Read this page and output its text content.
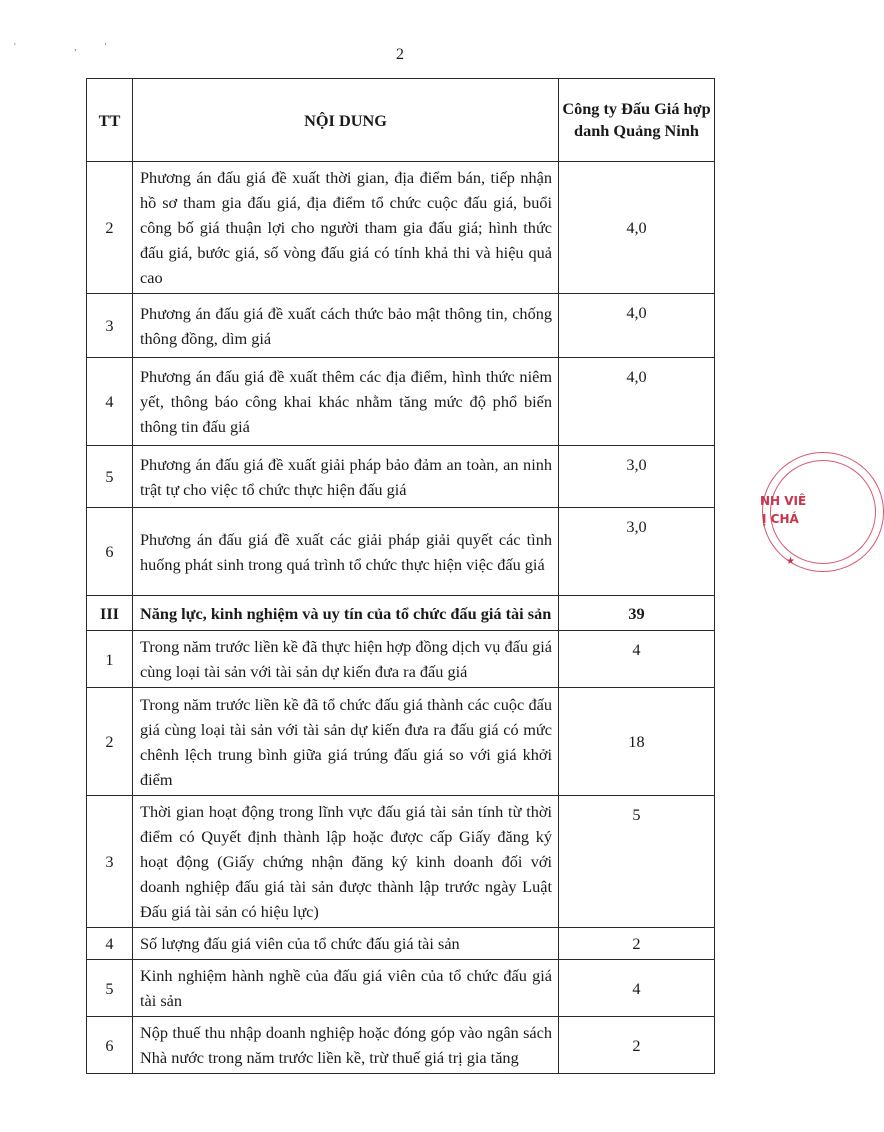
' ,'	2
TT	NỘI DUNG	Công ty Đấu Giá hợp danh Quảng Ninh
2	Phương án đấu giá đề xuất thời gian, địa điểm bán, tiếp nhận hồ sơ tham gia đấu giá, địa điểm tổ chức cuộc đấu giá, buổi công bố giá thuận lợi cho người tham gia đấu giá; hình thức đấu giá, bước giá, số vòng đấu giá có tính khả thi và hiệu quả cao	4,0
3	Phương án đấu giá đề xuất cách thức bảo mật thông tin, chống thông đồng, dìm giá	4,0
4	Phương án đấu giá đề xuất thêm các địa điểm, hình thức niêm yết, thông báo công khai khác nhằm tăng mức độ phổ biến thông tin đấu giá	4,0
5	Phương án đấu giá đề xuất giải pháp bảo đảm an toàn, an ninh trật tự cho việc tổ chức thực hiện đấu giá	3,0
6	Phương án đấu giá đề xuất các giải pháp giải quyết các tình huống phát sinh trong quá trình tổ chức thực hiện việc đấu giá	3,0
III	Năng lực, kinh nghiệm và uy tín của tổ chức đấu giá tài sản	39
1	Trong năm trước liền kề đã thực hiện hợp đồng dịch vụ đấu giá cùng loại tài sản với tài sản dự kiến đưa ra đấu giá	4
2	Trong năm trước liền kề đã tổ chức đấu giá thành các cuộc đấu giá cùng loại tài sản với tài sản dự kiến đưa ra đấu giá có mức chênh lệch trung bình giữa giá trúng đấu giá so với giá khởi điểm	18
3	Thời gian hoạt động trong lĩnh vực đấu giá tài sản tính từ thời điểm có Quyết định thành lập hoặc được cấp Giấy đăng ký hoạt động (Giấy chứng nhận đăng ký kinh doanh đối với doanh nghiệp đấu giá tài sản được thành lập trước ngày Luật Đấu giá tài sản có hiệu lực)	5
4	Số lượng đấu giá viên của tổ chức đấu giá tài sản	2
5	Kinh nghiệm hành nghề của đấu giá viên của tổ chức đấu giá tài sản	4
6	Nộp thuế thu nhập doanh nghiệp hoặc đóng góp vào ngân sách Nhà nước trong năm trước liền kề, trừ thuế giá trị gia tăng	2
NH VIÊ
Ị CHÁ
★
